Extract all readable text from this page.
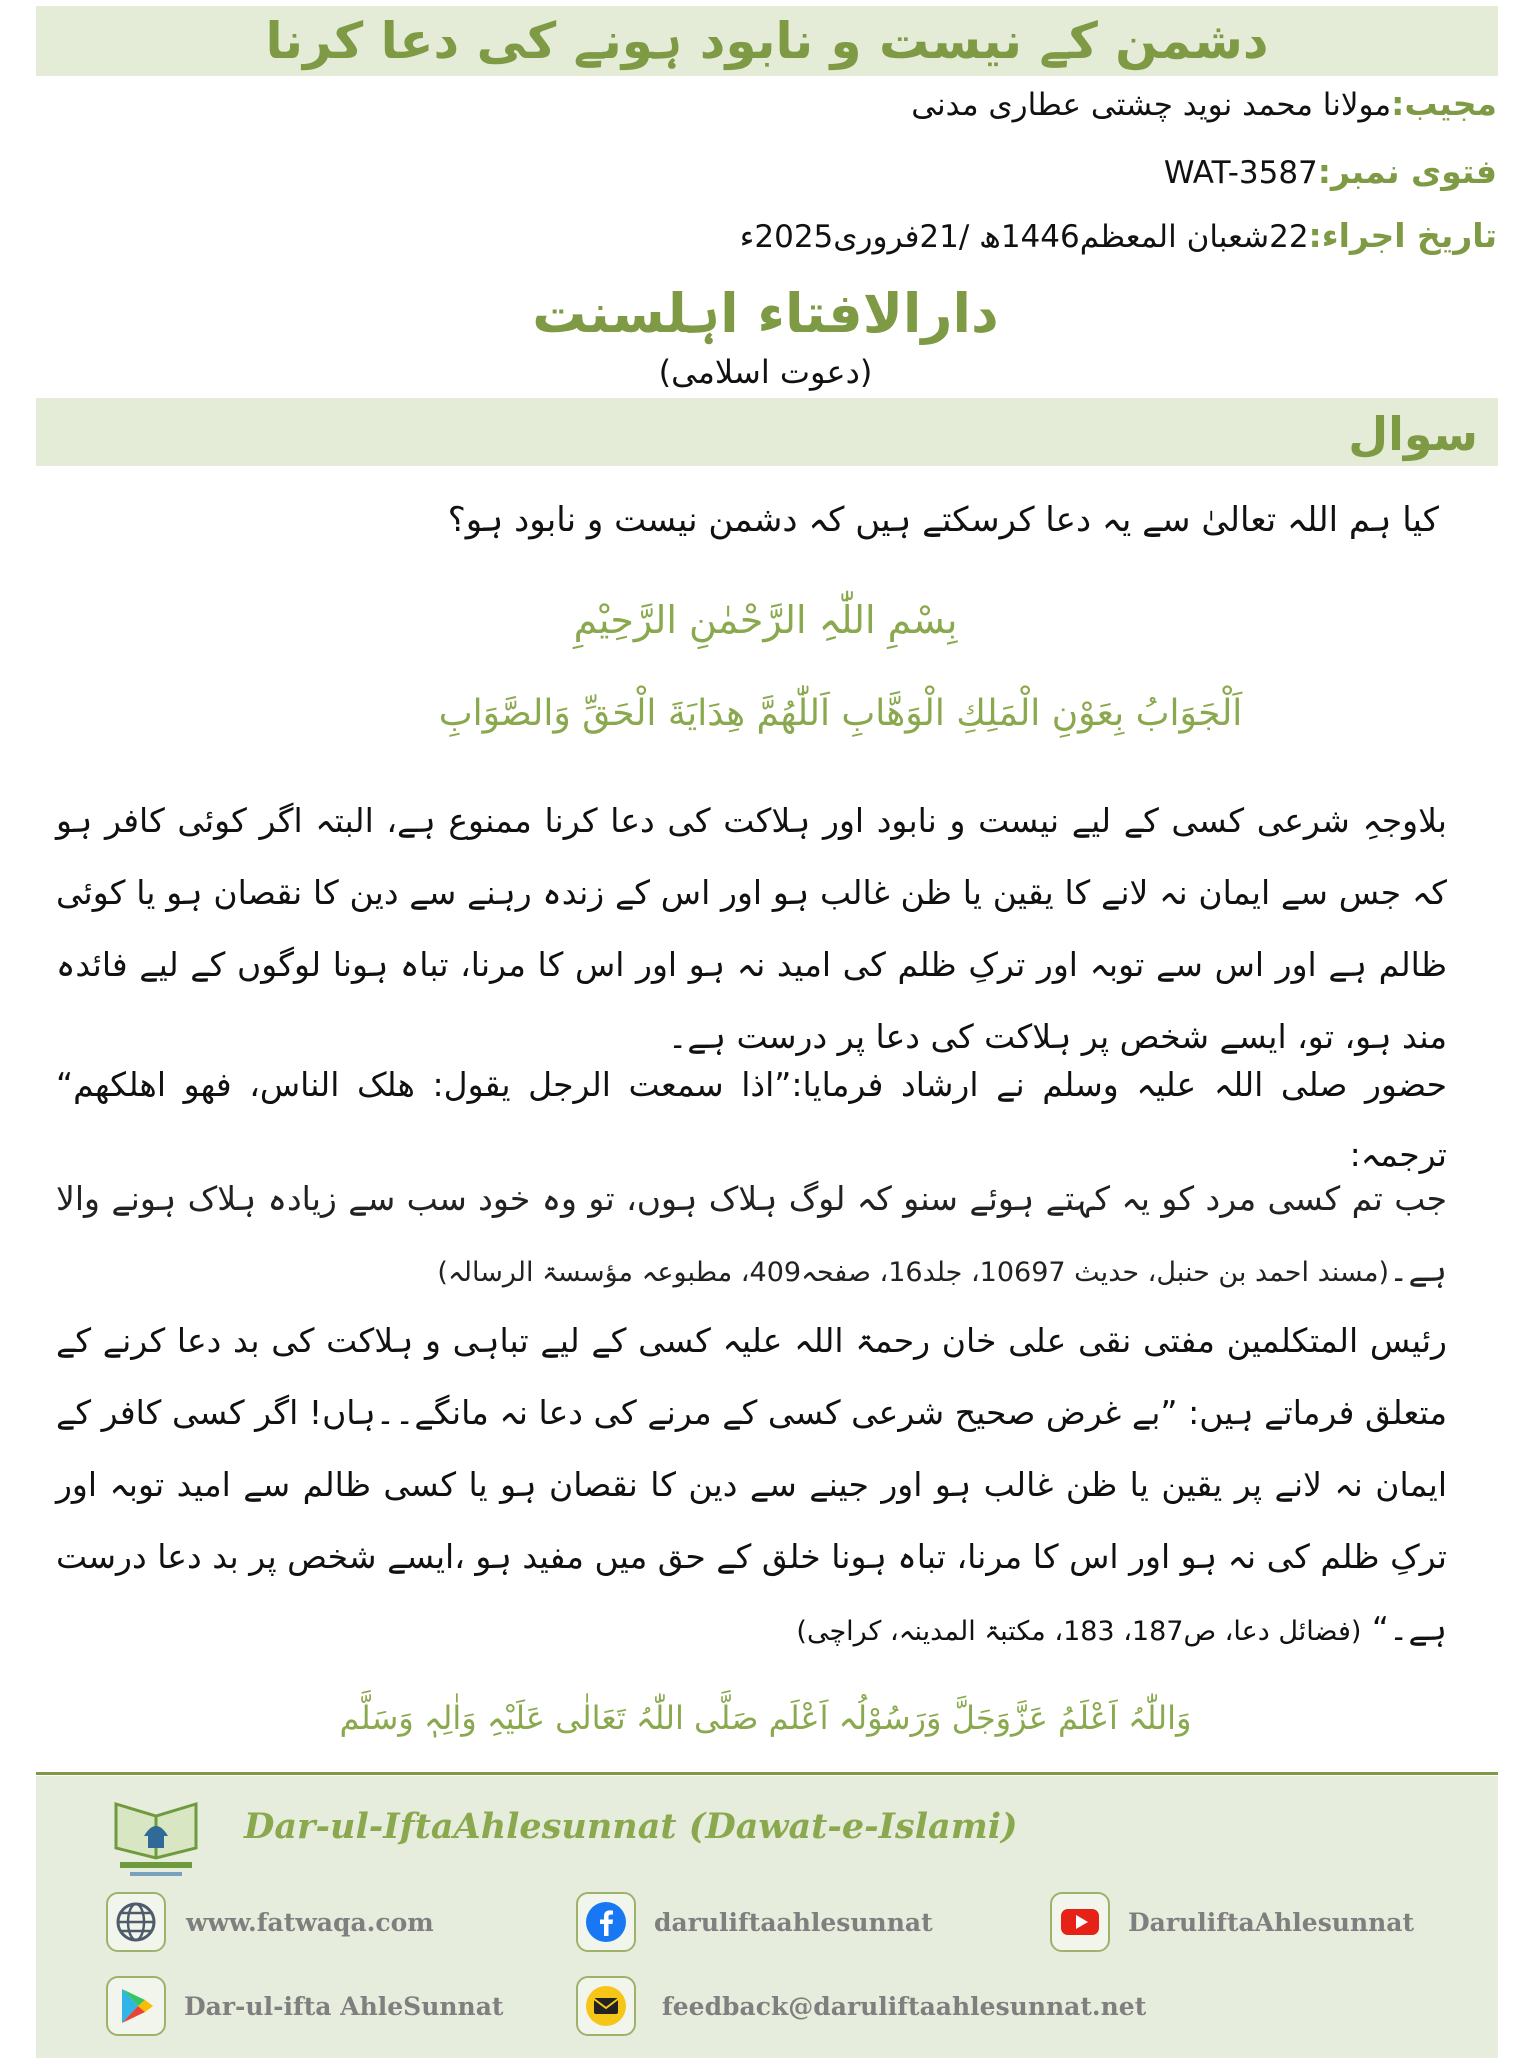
دشمن کے نیست و نابود ہونے کی دعا کرنا
مجیب:مولانا محمد نوید چشتی عطاری مدنی
فتوی نمبر:WAT-3587
تاریخ اجراء:22شعبان المعظم1446ھ /21فروری2025ء
دارالافتاء اہلسنت
(دعوت اسلامی)
سوال
کیا ہم اللہ تعالیٰ سے یہ دعا کرسکتے ہیں کہ دشمن نیست و نابود ہو؟
بِسْمِ اللّٰہِ الرَّحْمٰنِ الرَّحِیْمِ
اَلْجَوَابُ بِعَوْنِ الْمَلِكِ الْوَهَّابِ اَللّٰهُمَّ هِدَايَةَ الْحَقِّ وَالصَّوَابِ
بلاوجہِ شرعی کسی کے لیے نیست و نابود اور ہلاکت کی دعا کرنا ممنوع ہے، البتہ اگر کوئی کافر ہو کہ جس سے ایمان نہ لانے کا یقین یا ظن غالب ہو اور اس کے زندہ رہنے سے دین کا نقصان ہو یا کوئی ظالم ہے اور اس سے توبہ اور ترکِ ظلم کی امید نہ ہو اور اس کا مرنا، تباہ ہونا لوگوں کے لیے فائدہ مند ہو، تو، ایسے شخص پر ہلاکت کی دعا پر درست ہے۔
حضور صلی اللہ علیہ وسلم نے ارشاد فرمایا:”اذا سمعت الرجل یقول: ھلک الناس، فھو اھلکھم“ ترجمہ:
جب تم کسی مرد کو یہ کہتے ہوئے سنو کہ لوگ ہلاک ہوں، تو وہ خود سب سے زیادہ ہلاک ہونے والا ہے۔(مسند احمد بن حنبل، حدیث 10697، جلد16، صفحہ409، مطبوعہ مؤسسۃ الرسالہ)
رئیس المتکلمین مفتی نقی علی خان رحمۃ اللہ علیہ کسی کے لیے تباہی و ہلاکت کی بد دعا کرنے کے متعلق فرماتے ہیں: ”بے غرض صحیح شرعی کسی کے مرنے کی دعا نہ مانگے۔۔ہاں! اگر کسی کافر کے ایمان نہ لانے پر یقین یا ظن غالب ہو اور جینے سے دین کا نقصان ہو یا کسی ظالم سے امید توبہ اور ترکِ ظلم کی نہ ہو اور اس کا مرنا، تباہ ہونا خلق کے حق میں مفید ہو ،ایسے شخص پر بد دعا درست ہے۔“ (فضائل دعا، ص187، 183، مکتبۃ المدینہ، کراچی)
وَاللّٰہُ اَعْلَمُ عَزَّوَجَلَّ وَرَسُوْلُہ اَعْلَم صَلَّی اللّٰہُ تَعَالٰی عَلَیْہِ وَاٰلِہٖ وَسَلَّم
Dar-ul-IftaAhlesunnat (Dawat-e-Islami)
www.fatwaqa.com	daruliftaahlesunnat	DaruliftaAhlesunnat
Dar-ul-ifta AhleSunnat	feedback@daruliftaahlesunnat.net
